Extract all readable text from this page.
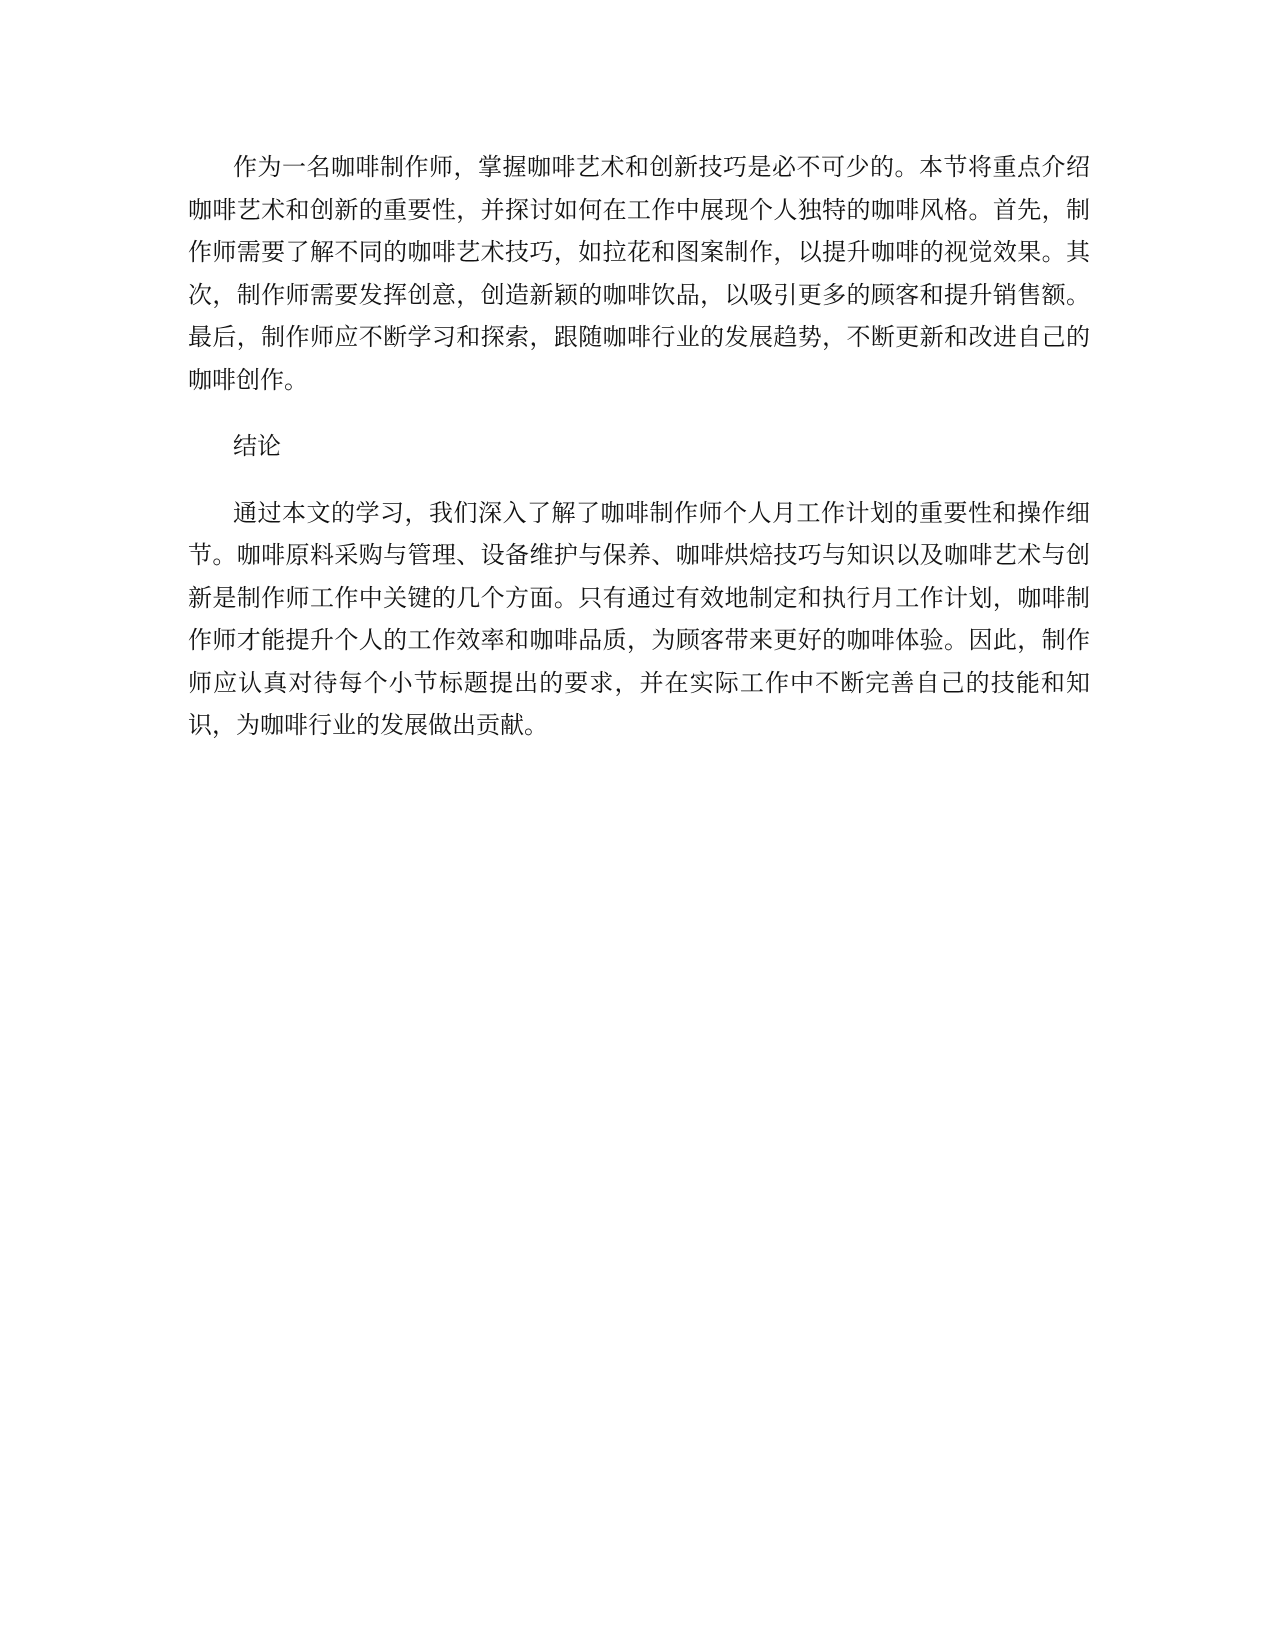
作为一名咖啡制作师，掌握咖啡艺术和创新技巧是必不可少的。本节将重点介绍咖啡艺术和创新的重要性，并探讨如何在工作中展现个人独特的咖啡风格。首先，制作师需要了解不同的咖啡艺术技巧，如拉花和图案制作，以提升咖啡的视觉效果。其次，制作师需要发挥创意，创造新颖的咖啡饮品，以吸引更多的顾客和提升销售额。最后，制作师应不断学习和探索，跟随咖啡行业的发展趋势，不断更新和改进自己的咖啡创作。

结论

通过本文的学习，我们深入了解了咖啡制作师个人月工作计划的重要性和操作细节。咖啡原料采购与管理、设备维护与保养、咖啡烘焙技巧与知识以及咖啡艺术与创新是制作师工作中关键的几个方面。只有通过有效地制定和执行月工作计划，咖啡制作师才能提升个人的工作效率和咖啡品质，为顾客带来更好的咖啡体验。因此，制作师应认真对待每个小节标题提出的要求，并在实际工作中不断完善自己的技能和知识，为咖啡行业的发展做出贡献。
